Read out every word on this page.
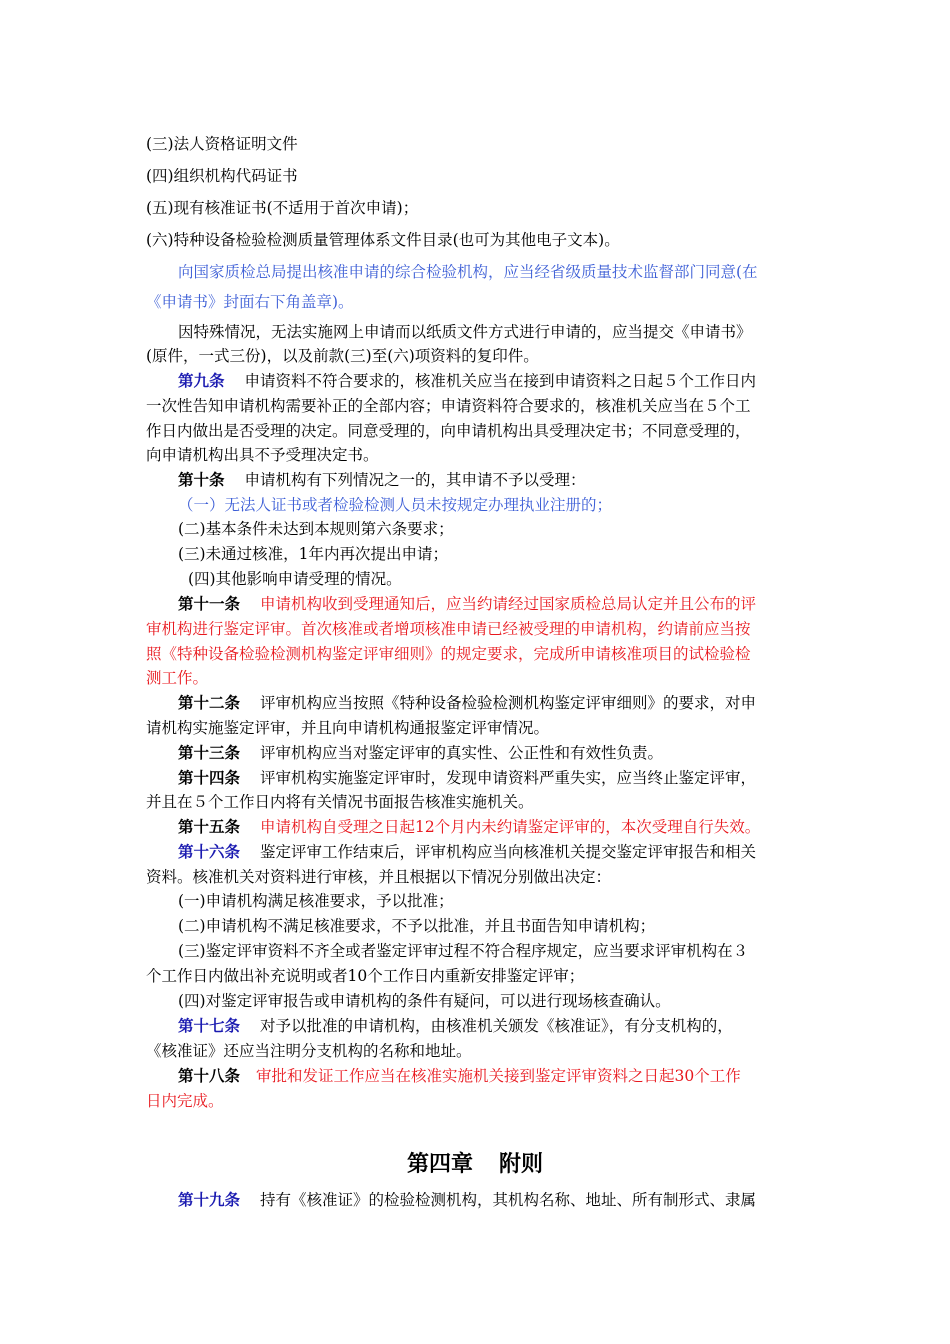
(三)法人资格证明文件
(四)组织机构代码证书
(五)现有核准证书(不适用于首次申请)；
(六)特种设备检验检测质量管理体系文件目录(也可为其他电子文本)。
向国家质检总局提出核准申请的综合检验机构，应当经省级质量技术监督部门同意(在
《申请书》封面右下角盖章)。
因特殊情况，无法实施网上申请而以纸质文件方式进行申请的，应当提交《申请书》
(原件，一式三份)，以及前款(三)至(六)项资料的复印件。
第九条 申请资料不符合要求的，核准机关应当在接到申请资料之日起５个工作日内
一次性告知申请机构需要补正的全部内容；申请资料符合要求的，核准机关应当在５个工
作日内做出是否受理的决定。同意受理的，向申请机构出具受理决定书；不同意受理的，
向申请机构出具不予受理决定书。
第十条 申请机构有下列情况之一的，其申请不予以受理：
（一）无法人证书或者检验检测人员未按规定办理执业注册的；
(二)基本条件未达到本规则第六条要求；
(三)未通过核准，1年内再次提出申请；
(四)其他影响申请受理的情况。
第十一条 申请机构收到受理通知后，应当约请经过国家质检总局认定并且公布的评
审机构进行鉴定评审。首次核准或者增项核准申请已经被受理的申请机构，约请前应当按
照《特种设备检验检测机构鉴定评审细则》的规定要求，完成所申请核准项目的试检验检
测工作。
第十二条 评审机构应当按照《特种设备检验检测机构鉴定评审细则》的要求，对申
请机构实施鉴定评审，并且向申请机构通报鉴定评审情况。
第十三条 评审机构应当对鉴定评审的真实性、公正性和有效性负责。
第十四条 评审机构实施鉴定评审时，发现申请资料严重失实，应当终止鉴定评审，
并且在５个工作日内将有关情况书面报告核准实施机关。
第十五条 申请机构自受理之日起12个月内未约请鉴定评审的，本次受理自行失效。
第十六条 鉴定评审工作结束后，评审机构应当向核准机关提交鉴定评审报告和相关
资料。核准机关对资料进行审核，并且根据以下情况分别做出决定：
(一)申请机构满足核准要求，予以批准；
(二)申请机构不满足核准要求，不予以批准，并且书面告知申请机构；
(三)鉴定评审资料不齐全或者鉴定评审过程不符合程序规定，应当要求评审机构在３
个工作日内做出补充说明或者10个工作日内重新安排鉴定评审；
(四)对鉴定评审报告或申请机构的条件有疑问，可以进行现场核查确认。
第十七条 对予以批准的申请机构，由核准机关颁发《核准证》，有分支机构的，
《核准证》还应当注明分支机构的名称和地址。
第十八条 审批和发证工作应当在核准实施机关接到鉴定评审资料之日起30个工作
日内完成。
第四章 附则
第十九条 持有《核准证》的检验检测机构，其机构名称、地址、所有制形式、隶属
